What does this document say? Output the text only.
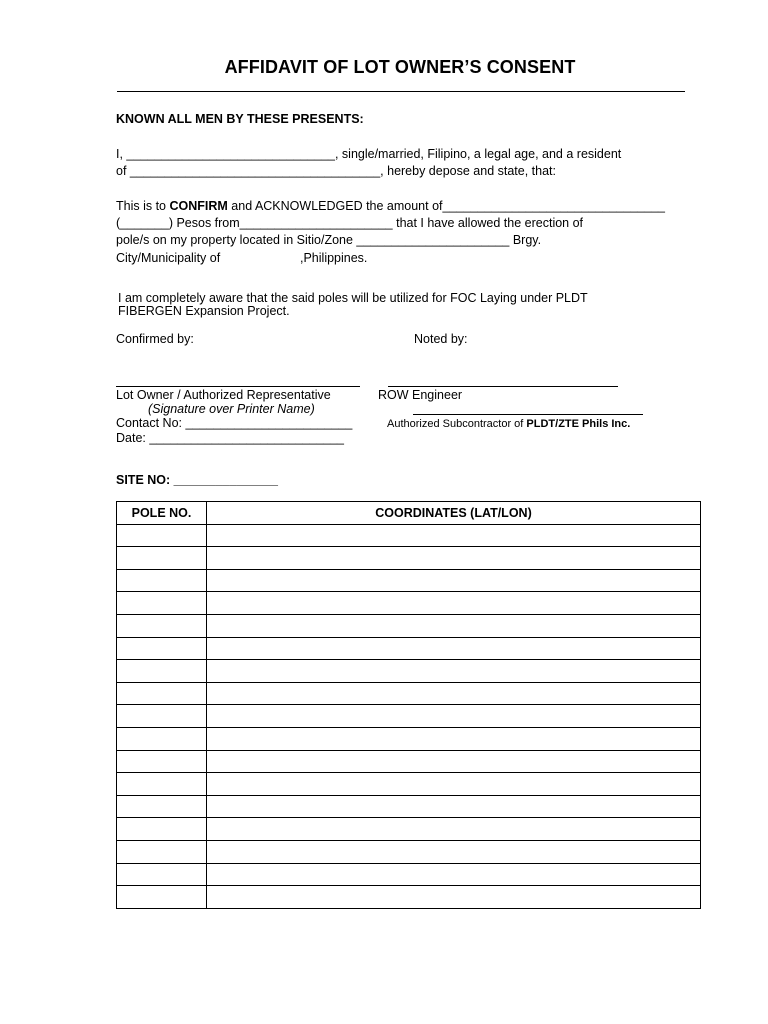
AFFIDAVIT OF LOT OWNER’S CONSENT
KNOWN ALL MEN BY THESE PRESENTS:
I, ______________________________, single/married, Filipino, a legal age, and a resident
of ____________________________________, hereby depose and state, that:
This is to CONFIRM and ACKNOWLEDGED the amount of________________________________
(_______) Pesos from______________________ that I have allowed the erection of
pole/s on my property located in Sitio/Zone ______________________ Brgy.
City/Municipality of	,Philippines.
I am completely aware that the said poles will be utilized for FOC Laying under PLDT
FIBERGEN Expansion Project.
Confirmed by:	Noted by:
Lot Owner / Authorized Representative	ROW Engineer
(Signature over Printer Name)
Contact No: ________________________	Authorized Subcontractor of PLDT/ZTE Phils Inc.
Date: ____________________________
SITE NO: _______________
POLE NO.	COORDINATES (LAT/LON)
